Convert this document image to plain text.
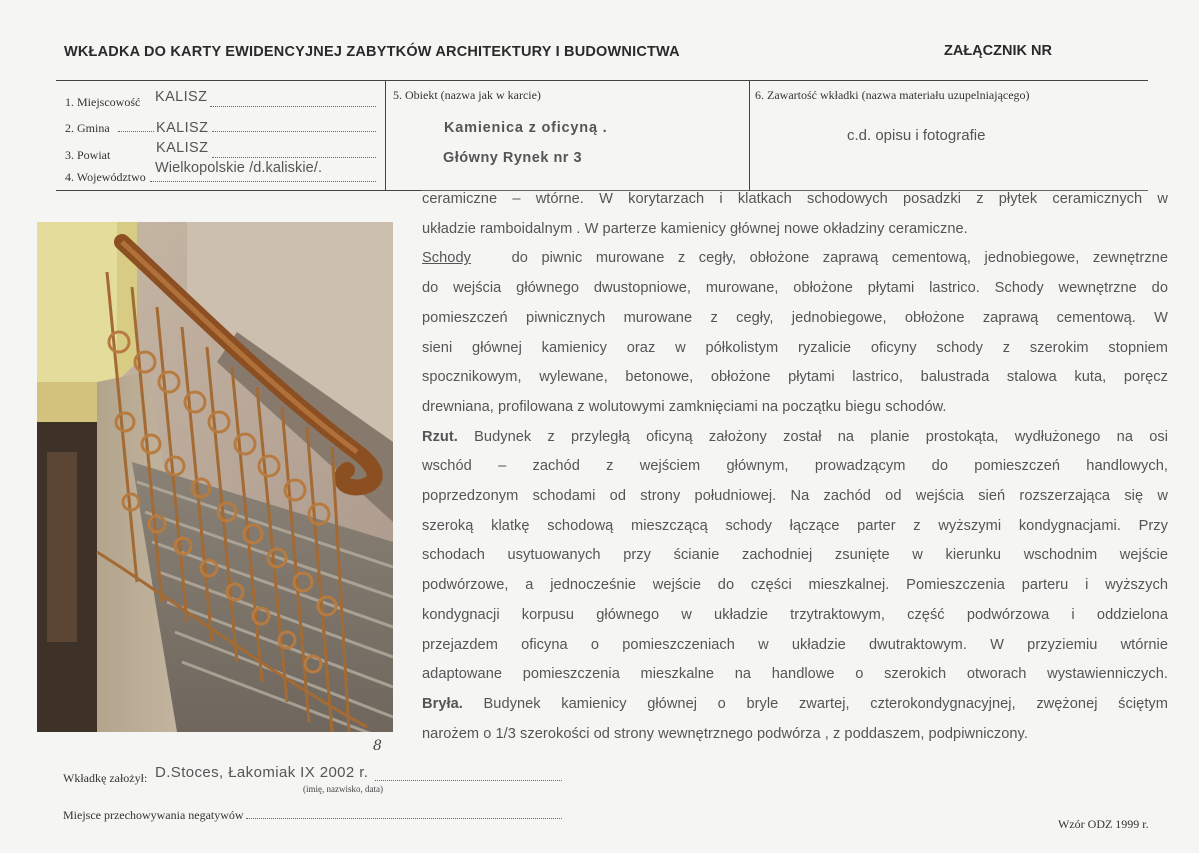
WKŁADKA DO KARTY EWIDENCYJNEJ ZABYTKÓW ARCHITEKTURY I BUDOWNICTWA	ZAŁĄCZNIK NR
1. Miejscowość KALISZ
2. Gmina	KALISZ
3. Powiat	KALISZ
4. Województwo
Wielkopolskie /d.kaliskie/.
5. Obiekt (nazwa jak w karcie)
Kamienica z oficyną .
Główny Rynek nr 3
6. Zawartość wkładki (nazwa materiału uzupelniającego)
c.d. opisu i fotografie

ceramiczne – wtórne. W korytarzach i klatkach schodowych posadzki z płytek ceramicznych w

układzie ramboidalnym . W parterze kamienicy głównej nowe okładziny ceramiczne.

Schody	do piwnic murowane z cegły, obłożone zaprawą cementową, jednobiegowe, zewnętrzne

do wejścia głównego dwustopniowe, murowane, obłożone płytami lastrico. Schody wewnętrzne do

pomieszczeń piwnicznych murowane z cegły, jednobiegowe, obłożone zaprawą cementową. W

sieni głównej kamienicy oraz w półkolistym ryzalicie oficyny schody z szerokim stopniem

spocznikowym, wylewane, betonowe, obłożone płytami lastrico, balustrada stalowa kuta, poręcz

drewniana, profilowana z wolutowymi zamknięciami na początku biegu schodów.

Rzut. Budynek z przyległą oficyną założony został na planie prostokąta, wydłużonego na osi

wschód – zachód z wejściem głównym, prowadzącym do pomieszczeń handlowych,

poprzedzonym schodami od strony południowej. Na zachód od wejścia sień rozszerzająca się w

szeroką klatkę schodową mieszczącą schody łączące parter z wyższymi kondygnacjami. Przy

schodach usytuowanych przy ścianie zachodniej zsunięte w kierunku wschodnim wejście

podwórzowe, a jednocześnie wejście do części mieszkalnej. Pomieszczenia parteru i wyższych

kondygnacji korpusu głównego w układzie trzytraktowym, część podwórzowa i oddzielona

przejazdem oficyna o pomieszczeniach w układzie dwutraktowym. W przyziemiu wtórnie

adaptowane pomieszczenia mieszkalne na handlowe o szerokich otworach wystawienniczych.

Bryła. Budynek kamienicy głównej o bryle zwartej, czterokondygnacyjnej, zwężonej ściętym

narożem o 1/3 szerokości od strony wewnętrznego podwórza , z poddaszem, podpiwniczony.

8
Wkładkę założył: D.Stoces, Łakomiak IX 2002 r.
(imię, nazwisko, data)
Miejsce przechowywania negatywów
Wzór ODZ 1999 r.
